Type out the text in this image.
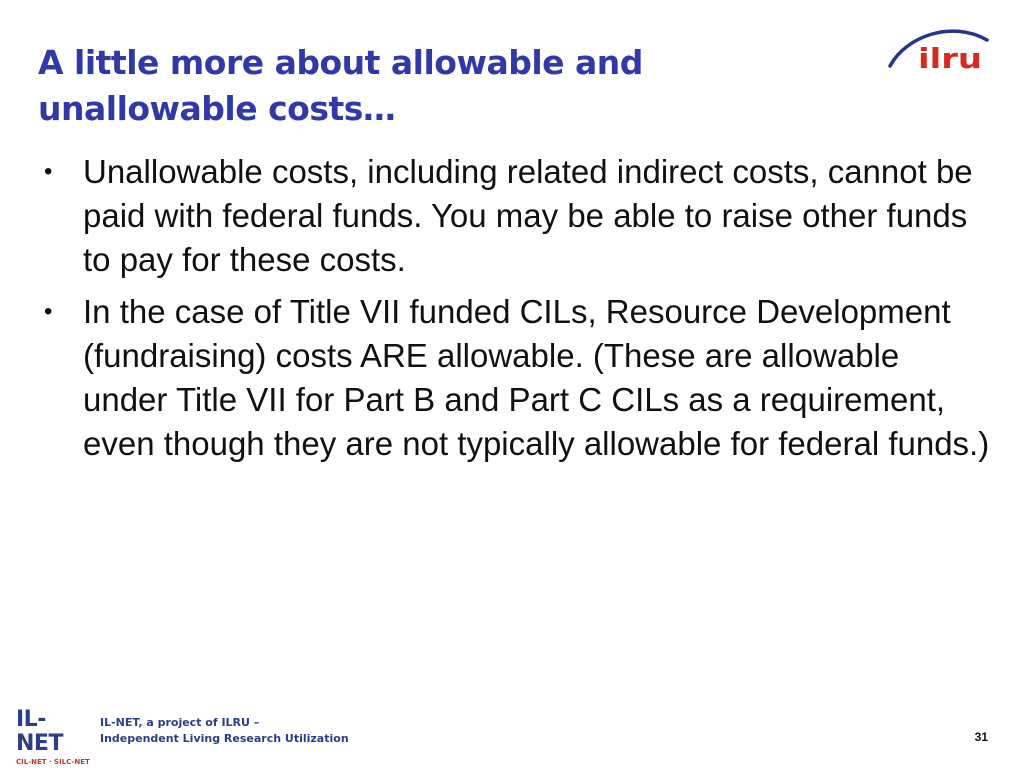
A little more about allowable and
unallowable costs…
ilru
• Unallowable costs, including related indirect costs, cannot be paid with federal funds. You may be able to raise other funds to pay for these costs.
• In the case of Title VII funded CILs, Resource Development (fundraising) costs ARE allowable. (These are allowable under Title VII for Part B and Part C CILs as a requirement, even though they are not typically allowable for federal funds.)
IL-NET
CIL-NET · SILC-NET
IL-NET, a project of ILRU –
Independent Living Research Utilization	31
